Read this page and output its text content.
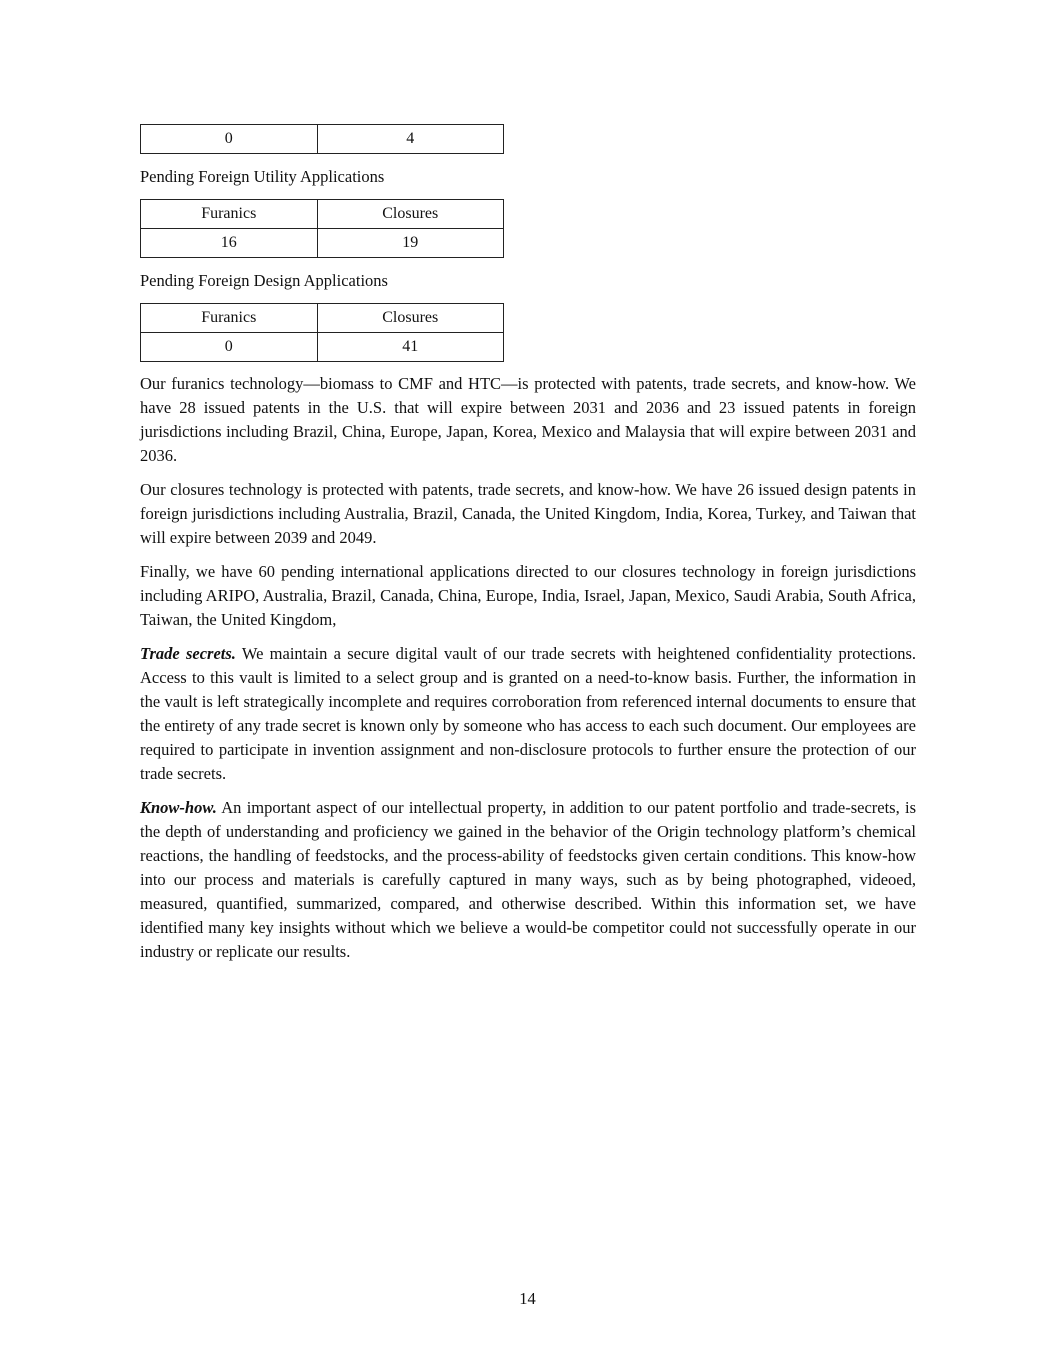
0	4
Pending Foreign Utility Applications
Furanics	Closures
16	19
Pending Foreign Design Applications
Furanics	Closures
0	41

Our furanics technology—biomass to CMF and HTC—is protected with patents, trade secrets, and know-how. We have 28 issued patents in the U.S. that will expire between 2031 and 2036 and 23 issued patents in foreign jurisdictions including Brazil, China, Europe, Japan, Korea, Mexico and Malaysia that will expire between 2031 and 2036.

Our closures technology is protected with patents, trade secrets, and know-how. We have 26 issued design patents in foreign jurisdictions including Australia, Brazil, Canada, the United Kingdom, India, Korea, Turkey, and Taiwan that will expire between 2039 and 2049.

Finally, we have 60 pending international applications directed to our closures technology in foreign jurisdictions including ARIPO, Australia, Brazil, Canada, China, Europe, India, Israel, Japan, Mexico, Saudi Arabia, South Africa, Taiwan, the United Kingdom,

Trade secrets. We maintain a secure digital vault of our trade secrets with heightened confidentiality protections. Access to this vault is limited to a select group and is granted on a need-to-know basis. Further, the information in the vault is left strategically incomplete and requires corroboration from referenced internal documents to ensure that the entirety of any trade secret is known only by someone who has access to each such document. Our employees are required to participate in invention assignment and non-disclosure protocols to further ensure the protection of our trade secrets.

Know-how. An important aspect of our intellectual property, in addition to our patent portfolio and trade-secrets, is the depth of understanding and proficiency we gained in the behavior of the Origin technology platform’s chemical reactions, the handling of feedstocks, and the process-ability of feedstocks given certain conditions. This know-how into our process and materials is carefully captured in many ways, such as by being photographed, videoed, measured, quantified, summarized, compared, and otherwise described. Within this information set, we have identified many key insights without which we believe a would-be competitor could not successfully operate in our industry or replicate our results.

14
